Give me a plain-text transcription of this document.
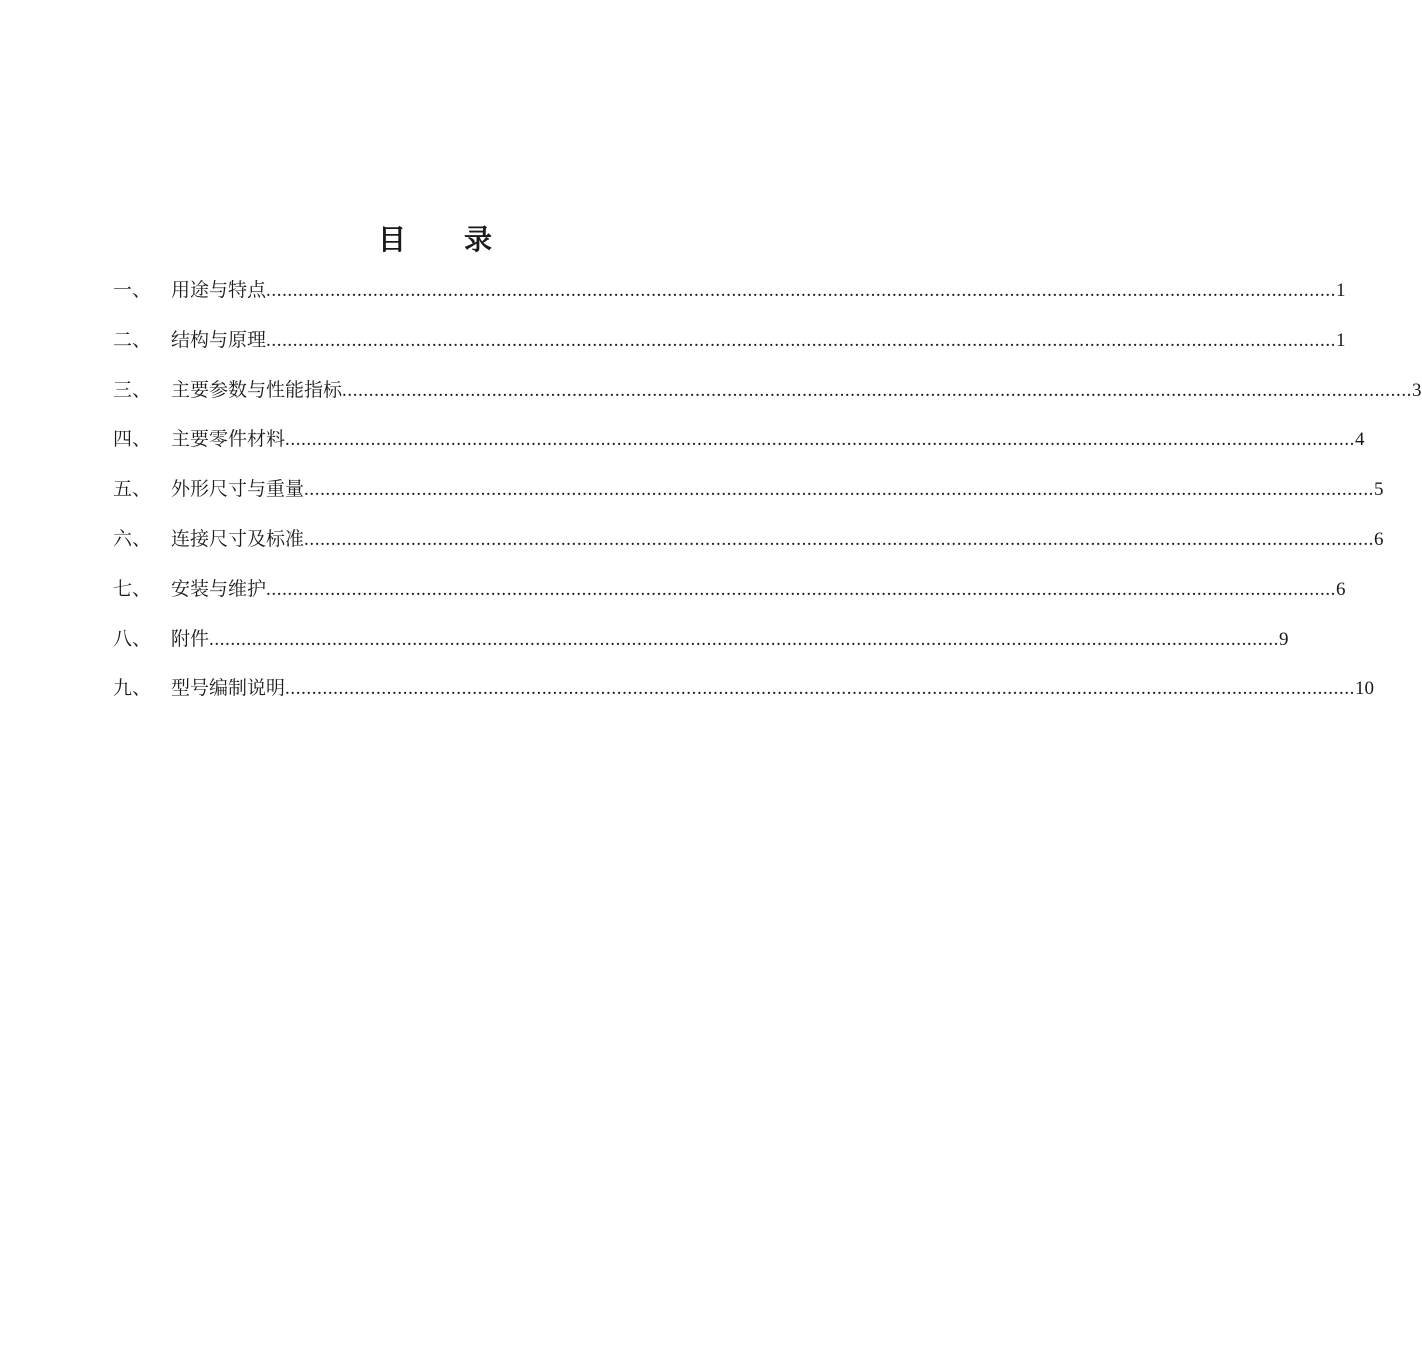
目 录
一、	用途与特点 ........................................................................................................................................................................................................ 1
二、	结构与原理 ........................................................................................................................................................................................................ 1
三、	主要参数与性能指标 ........................................................................................................................................................................................................ 3
四、	主要零件材料 ........................................................................................................................................................................................................ 4
五、	外形尺寸与重量 ........................................................................................................................................................................................................ 5
六、	连接尺寸及标准 ........................................................................................................................................................................................................ 6
七、	安装与维护 ........................................................................................................................................................................................................ 6
八、	附件 ........................................................................................................................................................................................................ 9
九、	型号编制说明 ........................................................................................................................................................................................................ 10
